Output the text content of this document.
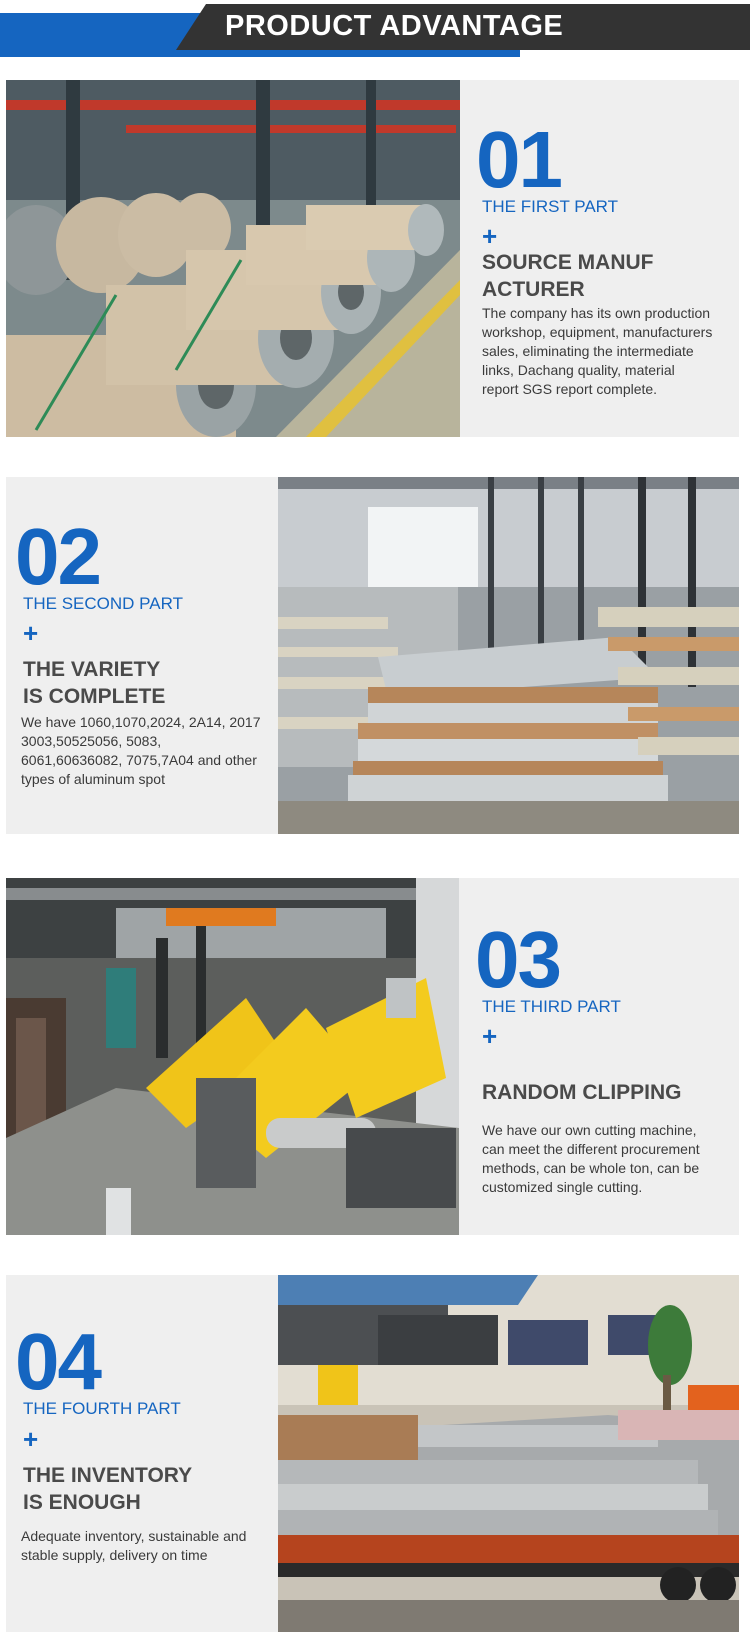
PRODUCT ADVANTAGE
01
THE FIRST PART
+
SOURCE MANUF
ACTURER
The company has its own production workshop, equipment, manufacturers sales, eliminating the intermediate links, Dachang quality, material report SGS report complete.
02
THE SECOND PART
+
THE VARIETY
IS COMPLETE
We have 1060,1070,2024, 2A14, 2017 3003,50525056, 5083, 6061,60636082, 7075,7A04 and other types of aluminum spot
03
THE THIRD PART
+
RANDOM CLIPPING
We have our own cutting machine, can meet the different procurement methods, can be whole ton, can be customized single cutting.
04
THE FOURTH PART
+
THE INVENTORY
IS ENOUGH
Adequate inventory, sustainable and stable supply, delivery on time
